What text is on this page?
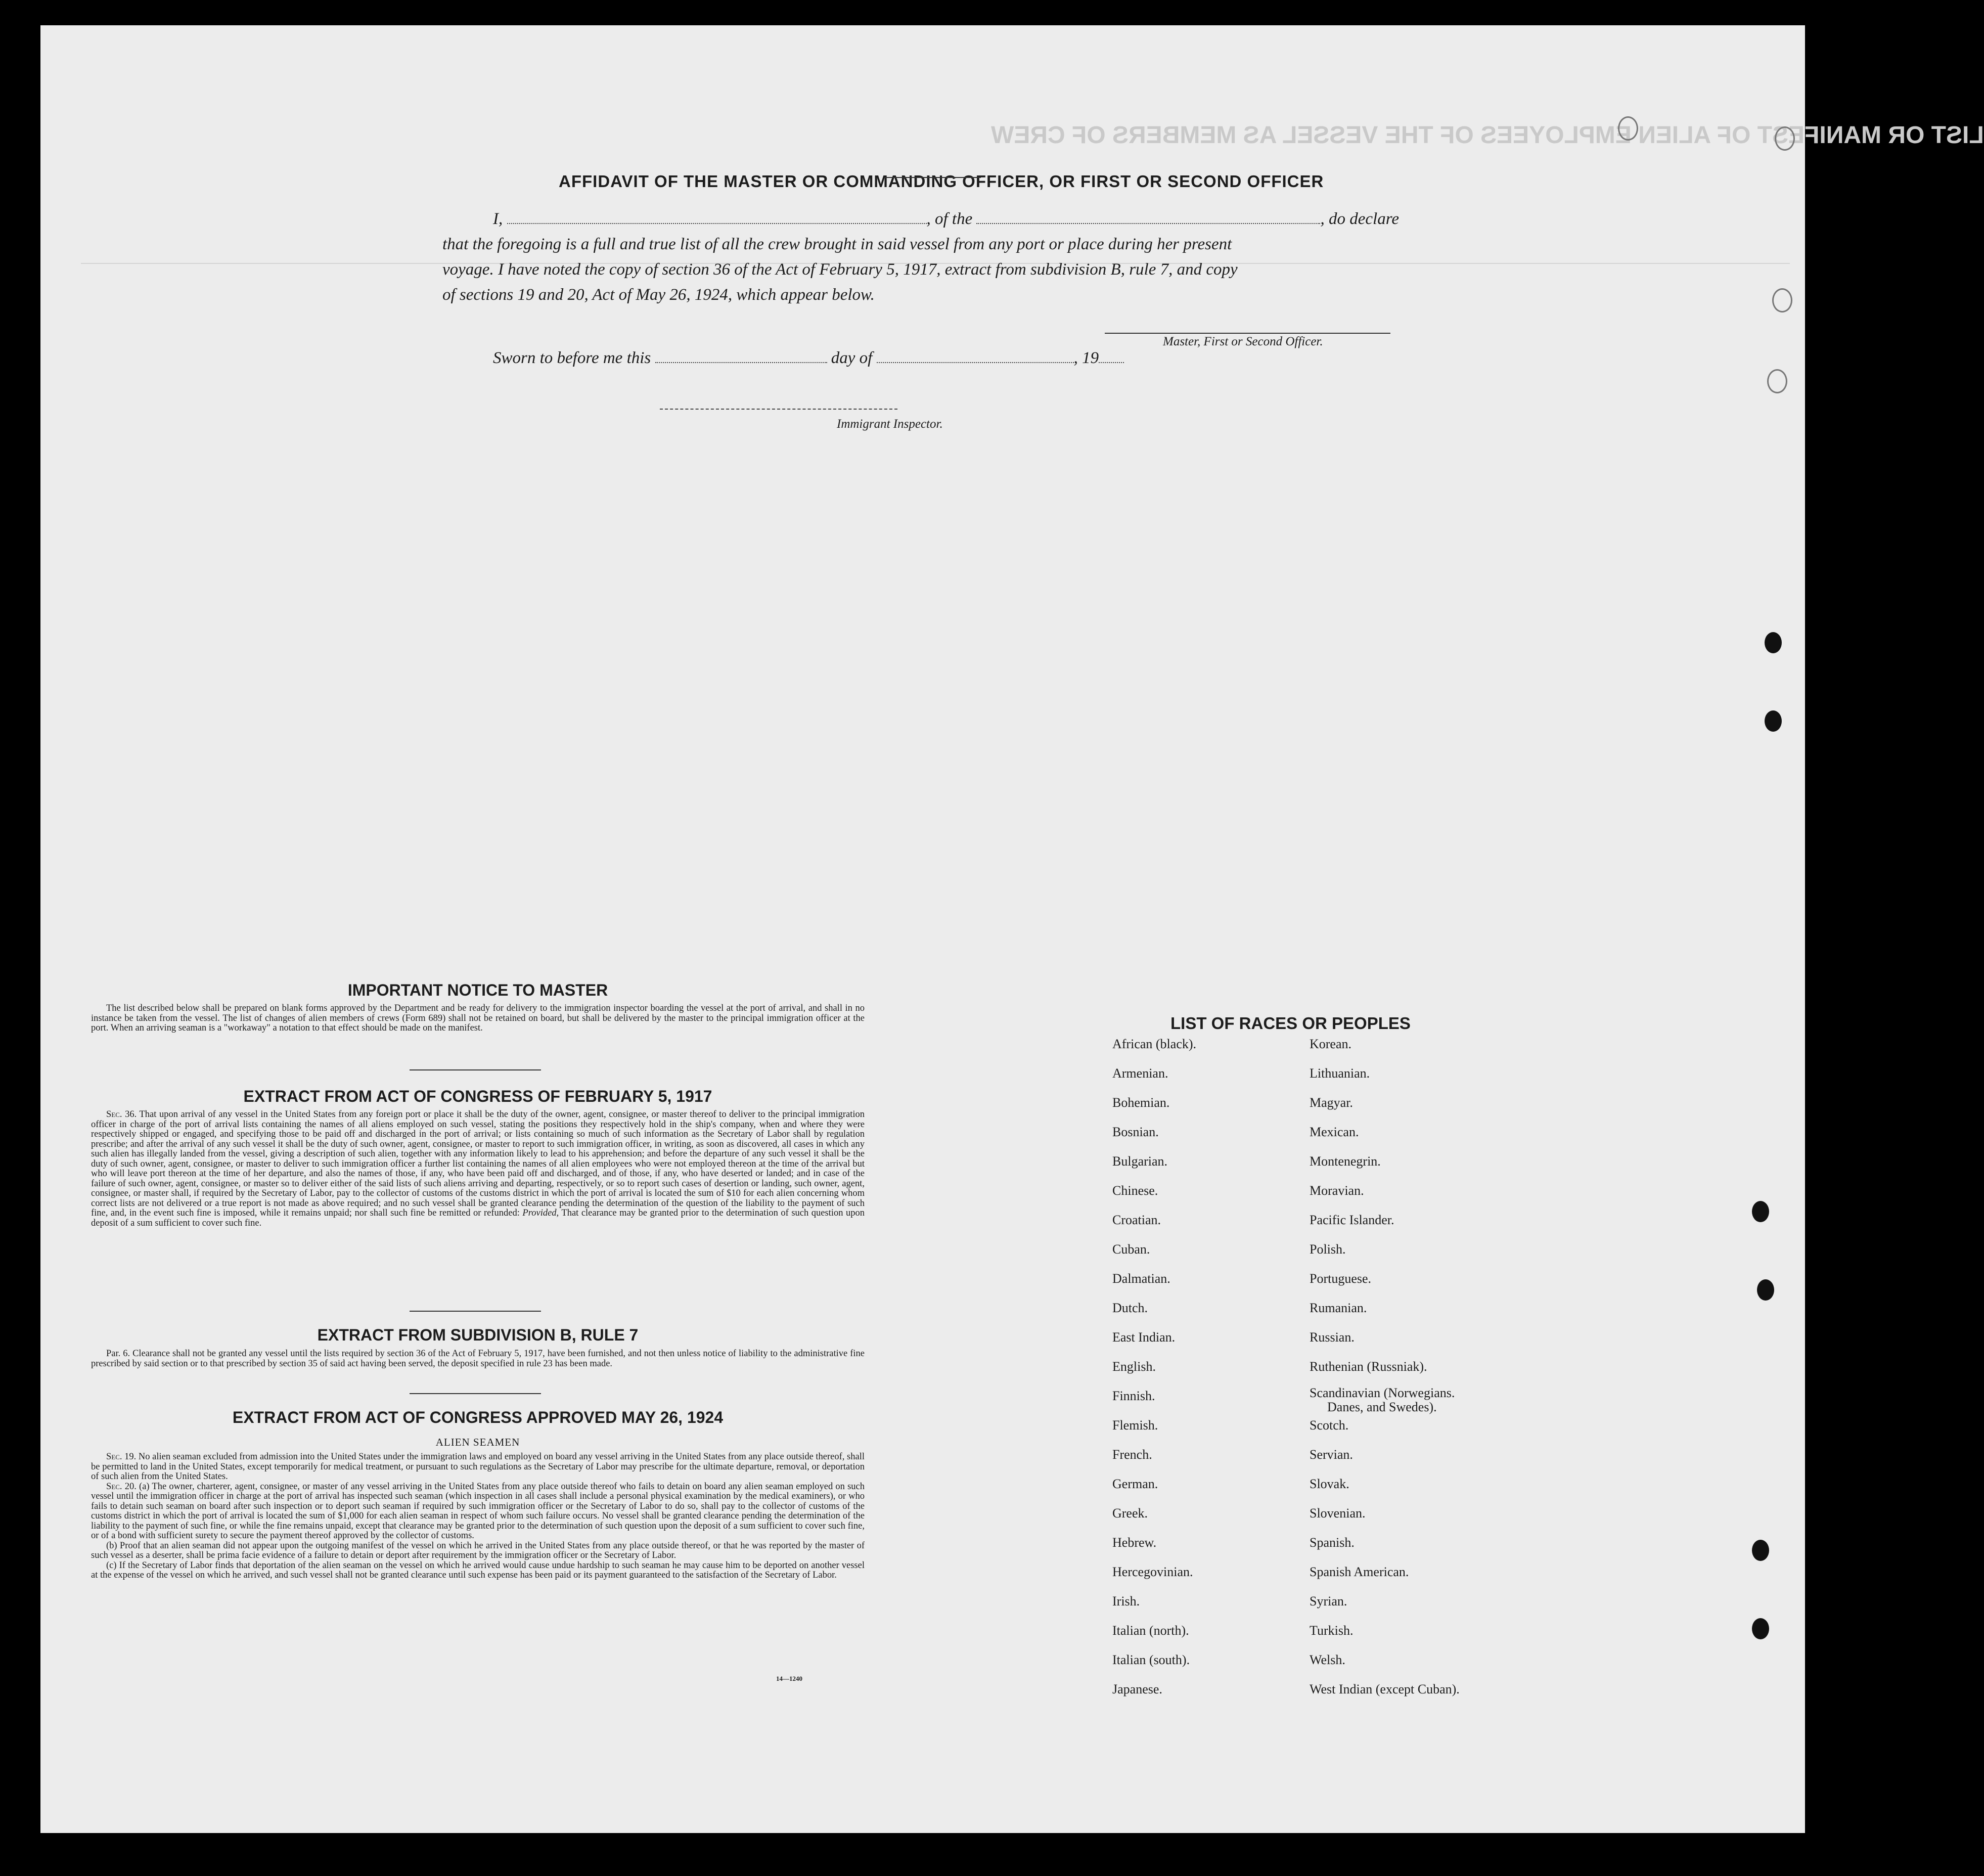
LIST OR MANIFEST OF ALIEN EMPLOYEES OF THE VESSEL AS MEMBERS OF CREW
AFFIDAVIT OF THE MASTER OR COMMANDING OFFICER, OR FIRST OR SECOND OFFICER
I,	, of the	, do declare
that the foregoing is a full and true list of all the crew brought in said vessel from any port or place during her present
voyage. I have noted the copy of section 36 of the Act of February 5, 1917, extract from subdivision B, rule 7, and copy
of sections 19 and 20, Act of May 26, 1924, which appear below.
Master, First or Second Officer.
Sworn to before me this	day of	, 19
Immigrant Inspector.
IMPORTANT NOTICE TO MASTER

The list described below shall be prepared on blank forms approved by the Department and be ready for delivery to the immigration inspector boarding the vessel at the port of arrival, and shall in no instance be taken from the vessel. The list of changes of alien members of crews (Form 689) shall not be retained on board, but shall be delivered by the master to the principal immigration officer at the port. When an arriving seaman is a "workaway" a notation to that effect should be made on the manifest.

EXTRACT FROM ACT OF CONGRESS OF FEBRUARY 5, 1917

Sec. 36. That upon arrival of any vessel in the United States from any foreign port or place it shall be the duty of the owner, agent, consignee, or master thereof to deliver to the principal immigration officer in charge of the port of arrival lists containing the names of all aliens employed on such vessel, stating the positions they respectively hold in the ship's company, when and where they were respectively shipped or engaged, and specifying those to be paid off and discharged in the port of arrival; or lists containing so much of such information as the Secretary of Labor shall by regulation prescribe; and after the arrival of any such vessel it shall be the duty of such owner, agent, consignee, or master to report to such immigration officer, in writing, as soon as discovered, all cases in which any such alien has illegally landed from the vessel, giving a description of such alien, together with any information likely to lead to his apprehension; and before the departure of any such vessel it shall be the duty of such owner, agent, consignee, or master to deliver to such immigration officer a further list containing the names of all alien employees who were not employed thereon at the time of the arrival but who will leave port thereon at the time of her departure, and also the names of those, if any, who have been paid off and discharged, and of those, if any, who have deserted or landed; and in case of the failure of such owner, agent, consignee, or master so to deliver either of the said lists of such aliens arriving and departing, respectively, or so to report such cases of desertion or landing, such owner, agent, consignee, or master shall, if required by the Secretary of Labor, pay to the collector of customs of the customs district in which the port of arrival is located the sum of $10 for each alien concerning whom correct lists are not delivered or a true report is not made as above required; and no such vessel shall be granted clearance pending the determination of the question of the liability to the payment of such fine, and, in the event such fine is imposed, while it remains unpaid; nor shall such fine be remitted or refunded: Provided, That clearance may be granted prior to the determination of such question upon deposit of a sum sufficient to cover such fine.

EXTRACT FROM SUBDIVISION B, RULE 7

Par. 6. Clearance shall not be granted any vessel until the lists required by section 36 of the Act of February 5, 1917, have been furnished, and not then unless notice of liability to the administrative fine prescribed by said section or to that prescribed by section 35 of said act having been served, the deposit specified in rule 23 has been made.

EXTRACT FROM ACT OF CONGRESS APPROVED MAY 26, 1924
ALIEN SEAMEN

Sec. 19. No alien seaman excluded from admission into the United States under the immigration laws and employed on board any vessel arriving in the United States from any place outside thereof, shall be permitted to land in the United States, except temporarily for medical treatment, or pursuant to such regulations as the Secretary of Labor may prescribe for the ultimate departure, removal, or deportation of such alien from the United States.

Sec. 20. (a) The owner, charterer, agent, consignee, or master of any vessel arriving in the United States from any place outside thereof who fails to detain on board any alien seaman employed on such vessel until the immigration officer in charge at the port of arrival has inspected such seaman (which inspection in all cases shall include a personal physical examination by the medical examiners), or who fails to detain such seaman on board after such inspection or to deport such seaman if required by such immigration officer or the Secretary of Labor to do so, shall pay to the collector of customs of the customs district in which the port of arrival is located the sum of $1,000 for each alien seaman in respect of whom such failure occurs. No vessel shall be granted clearance pending the determination of the liability to the payment of such fine, or while the fine remains unpaid, except that clearance may be granted prior to the determination of such question upon the deposit of a sum sufficient to cover such fine, or of a bond with sufficient surety to secure the payment thereof approved by the collector of customs.

(b) Proof that an alien seaman did not appear upon the outgoing manifest of the vessel on which he arrived in the United States from any place outside thereof, or that he was reported by the master of such vessel as a deserter, shall be prima facie evidence of a failure to detain or deport after requirement by the immigration officer or the Secretary of Labor.

(c) If the Secretary of Labor finds that deportation of the alien seaman on the vessel on which he arrived would cause undue hardship to such seaman he may cause him to be deported on another vessel at the expense of the vessel on which he arrived, and such vessel shall not be granted clearance until such expense has been paid or its payment guaranteed to the satisfaction of the Secretary of Labor.

14—1240
LIST OF RACES OR PEOPLES
African (black).
Armenian.
Bohemian.
Bosnian.
Bulgarian.
Chinese.
Croatian.
Cuban.
Dalmatian.
Dutch.
East Indian.
English.
Finnish.
Flemish.
French.
German.
Greek.
Hebrew.
Hercegovinian.
Irish.
Italian (north).
Italian (south).
Japanese.
Korean.
Lithuanian.
Magyar.
Mexican.
Montenegrin.
Moravian.
Pacific Islander.
Polish.
Portuguese.
Rumanian.
Russian.
Ruthenian (Russniak).
Scandinavian (Norwegians.
Danes, and Swedes).
Scotch.
Servian.
Slovak.
Slovenian.
Spanish.
Spanish American.
Syrian.
Turkish.
Welsh.
West Indian (except Cuban).
